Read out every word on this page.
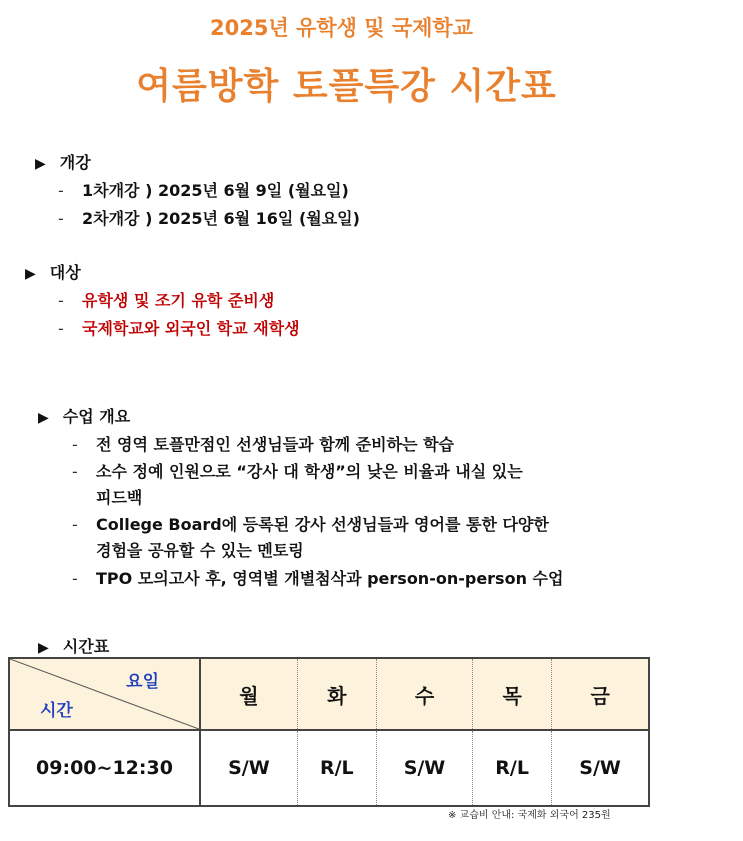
2025년 유학생 및 국제학교
여름방학 토플특강 시간표
▶ 개강
- 1차개강 ) 2025년 6월 9일 (월요일)
- 2차개강 ) 2025년 6월 16일 (월요일)
▶ 대상
- 유학생 및 조기 유학 준비생
- 국제학교와 외국인 학교 재학생
▶ 수업 개요
- 전 영역 토플만점인 선생님들과 함께 준비하는 학습
- 소수 정예 인원으로 “강사 대 학생”의 낮은 비율과 내실 있는
피드백
- College Board에 등록된 강사 선생님들과 영어를 통한 다양한
경험을 공유할 수 있는 멘토링
- TPO 모의고사 후, 영역별 개별첨삭과 person-on-person 수업
▶ 시간표
요일
시간	월	화	수	목	금
09:00~12:30	S/W	R/L	S/W	R/L	S/W
※ 교습비 안내: 국제화 외국어 235원
